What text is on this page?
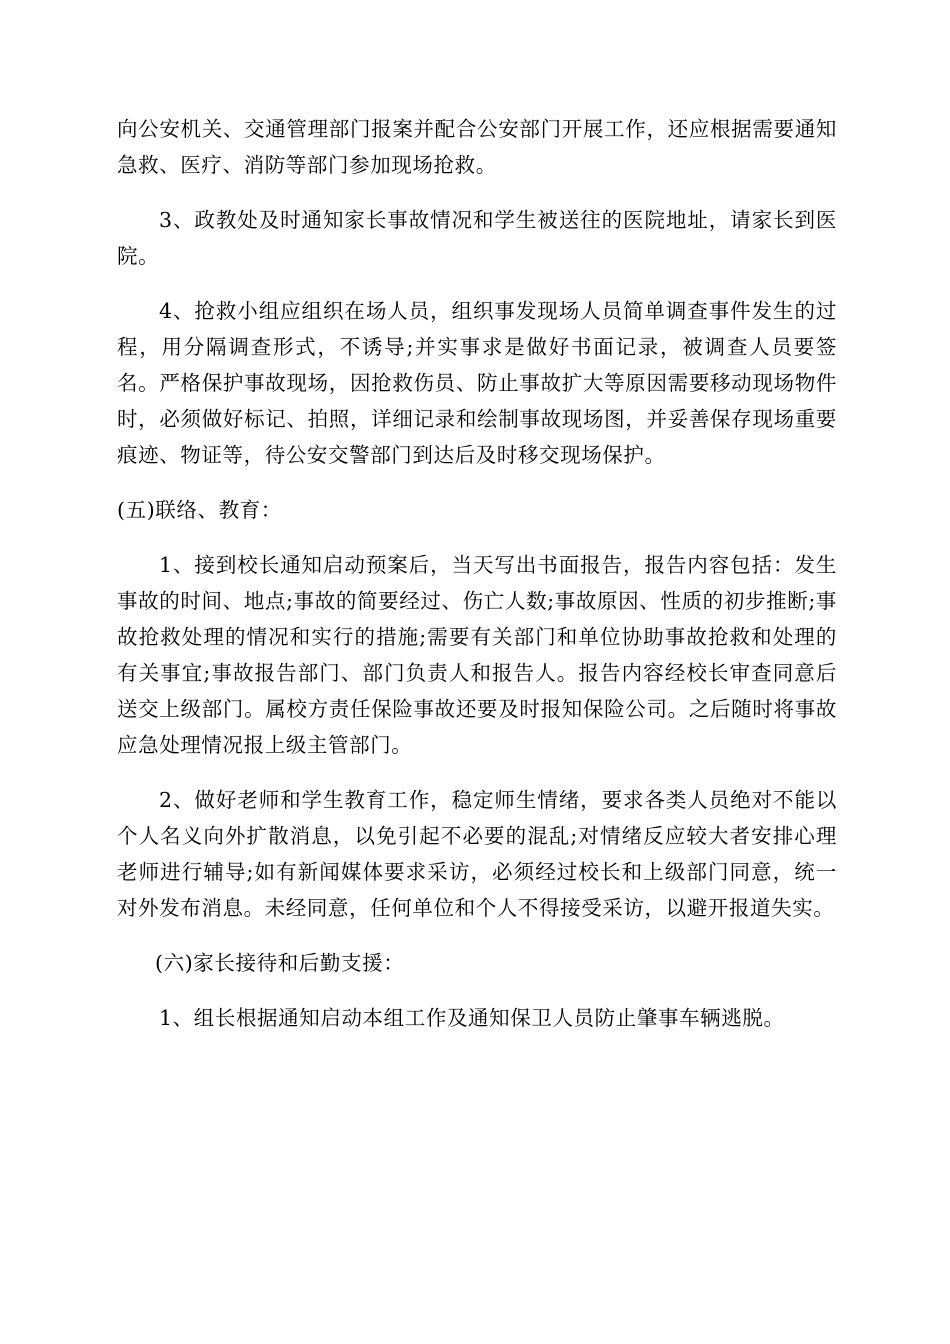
向公安机关、交通管理部门报案并配合公安部门开展工作，还应根据需要通知急救、医疗、消防等部门参加现场抢救。

3、政教处及时通知家长事故情况和学生被送往的医院地址，请家长到医院。

4、抢救小组应组织在场人员，组织事发现场人员简单调查事件发生的过程，用分隔调查形式，不诱导;并实事求是做好书面记录，被调查人员要签名。严格保护事故现场，因抢救伤员、防止事故扩大等原因需要移动现场物件时，必须做好标记、拍照，详细记录和绘制事故现场图，并妥善保存现场重要痕迹、物证等，待公安交警部门到达后及时移交现场保护。

(五)联络、教育：

1、接到校长通知启动预案后，当天写出书面报告，报告内容包括：发生事故的时间、地点;事故的简要经过、伤亡人数;事故原因、性质的初步推断;事故抢救处理的情况和实行的措施;需要有关部门和单位协助事故抢救和处理的有关事宜;事故报告部门、部门负责人和报告人。报告内容经校长审查同意后送交上级部门。属校方责任保险事故还要及时报知保险公司。之后随时将事故应急处理情况报上级主管部门。

2、做好老师和学生教育工作，稳定师生情绪，要求各类人员绝对不能以个人名义向外扩散消息，以免引起不必要的混乱;对情绪反应较大者安排心理老师进行辅导;如有新闻媒体要求采访，必须经过校长和上级部门同意，统一对外发布消息。未经同意，任何单位和个人不得接受采访，以避开报道失实。

(六)家长接待和后勤支援：

1、组长根据通知启动本组工作及通知保卫人员防止肇事车辆逃脱。
